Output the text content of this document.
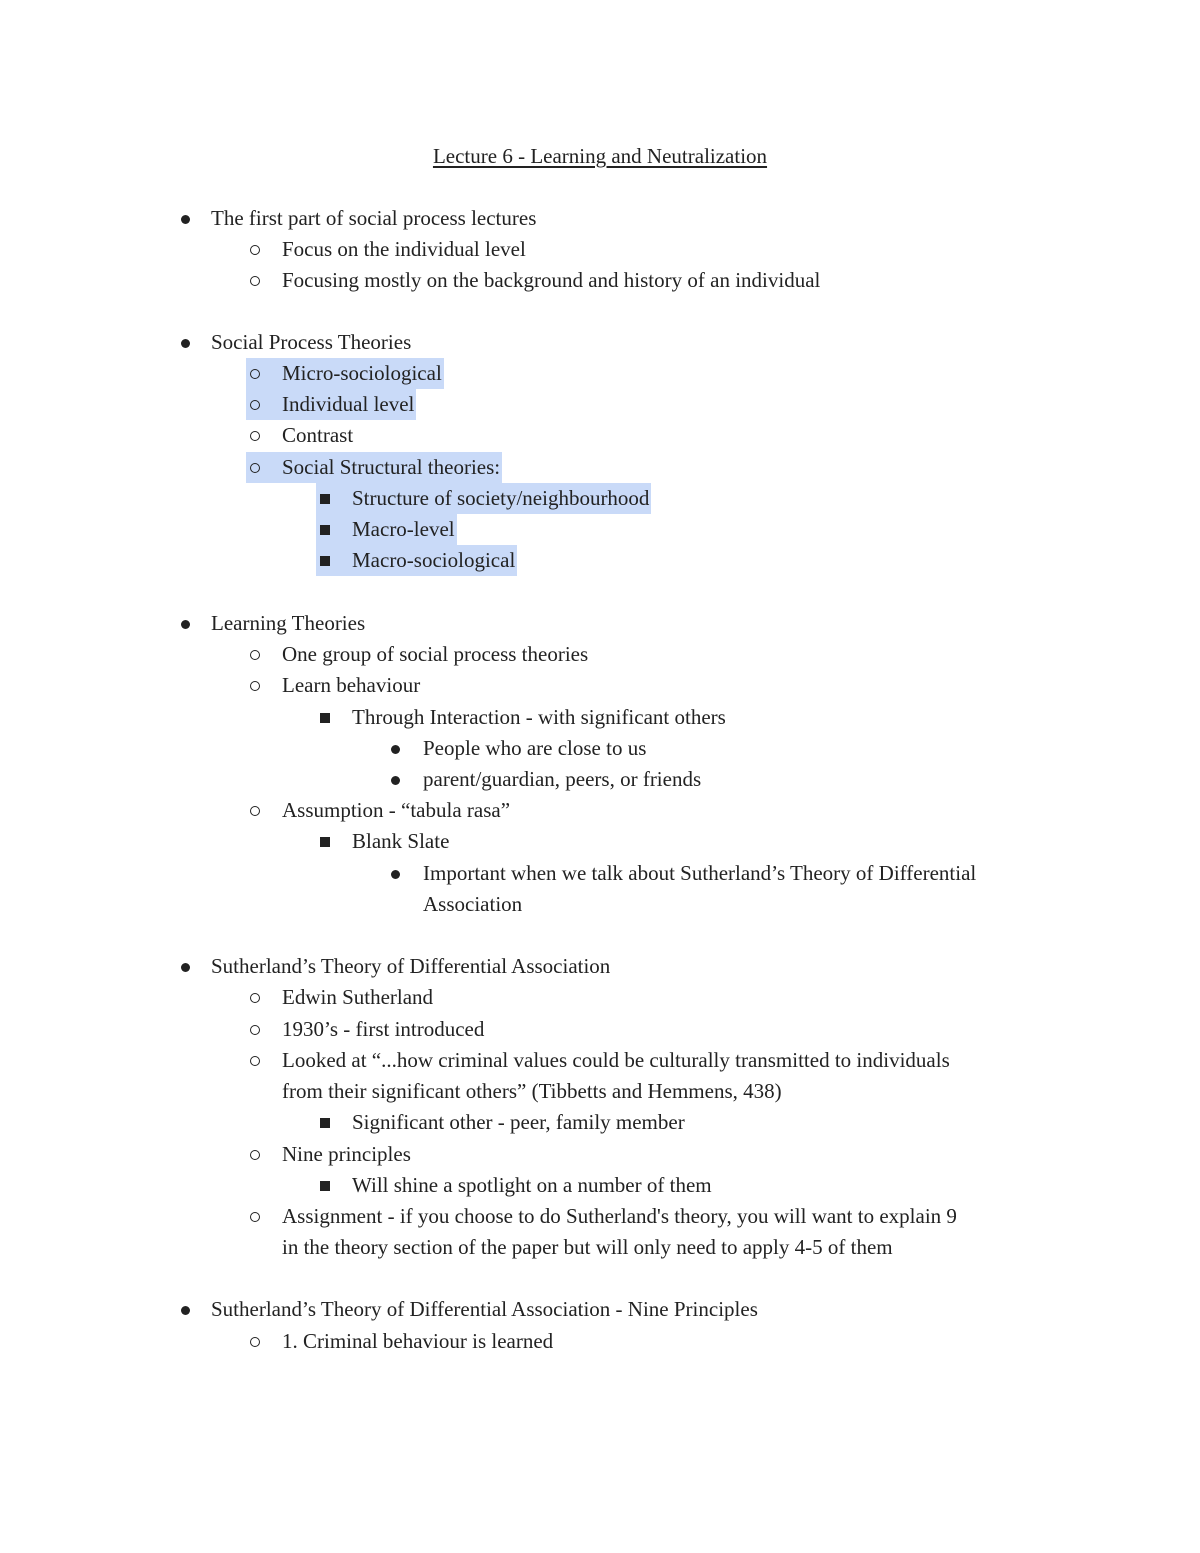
Lecture 6 - Learning and Neutralization
The first part of social process lectures
Focus on the individual level
Focusing mostly on the background and history of an individual
Social Process Theories
Micro-sociological
Individual level
Contrast
Social Structural theories:
Structure of society/neighbourhood
Macro-level
Macro-sociological
Learning Theories
One group of social process theories
Learn behaviour
Through Interaction - with significant others
People who are close to us
parent/guardian, peers, or friends
Assumption - “tabula rasa”
Blank Slate
Important when we talk about Sutherland’s Theory of Differential
Association
Sutherland’s Theory of Differential Association
Edwin Sutherland
1930’s - first introduced
Looked at “...how criminal values could be culturally transmitted to individuals
from their significant others” (Tibbetts and Hemmens, 438)
Significant other - peer, family member
Nine principles
Will shine a spotlight on a number of them
Assignment - if you choose to do Sutherland's theory, you will want to explain 9
in the theory section of the paper but will only need to apply 4-5 of them
Sutherland’s Theory of Differential Association - Nine Principles
1. Criminal behaviour is learned
